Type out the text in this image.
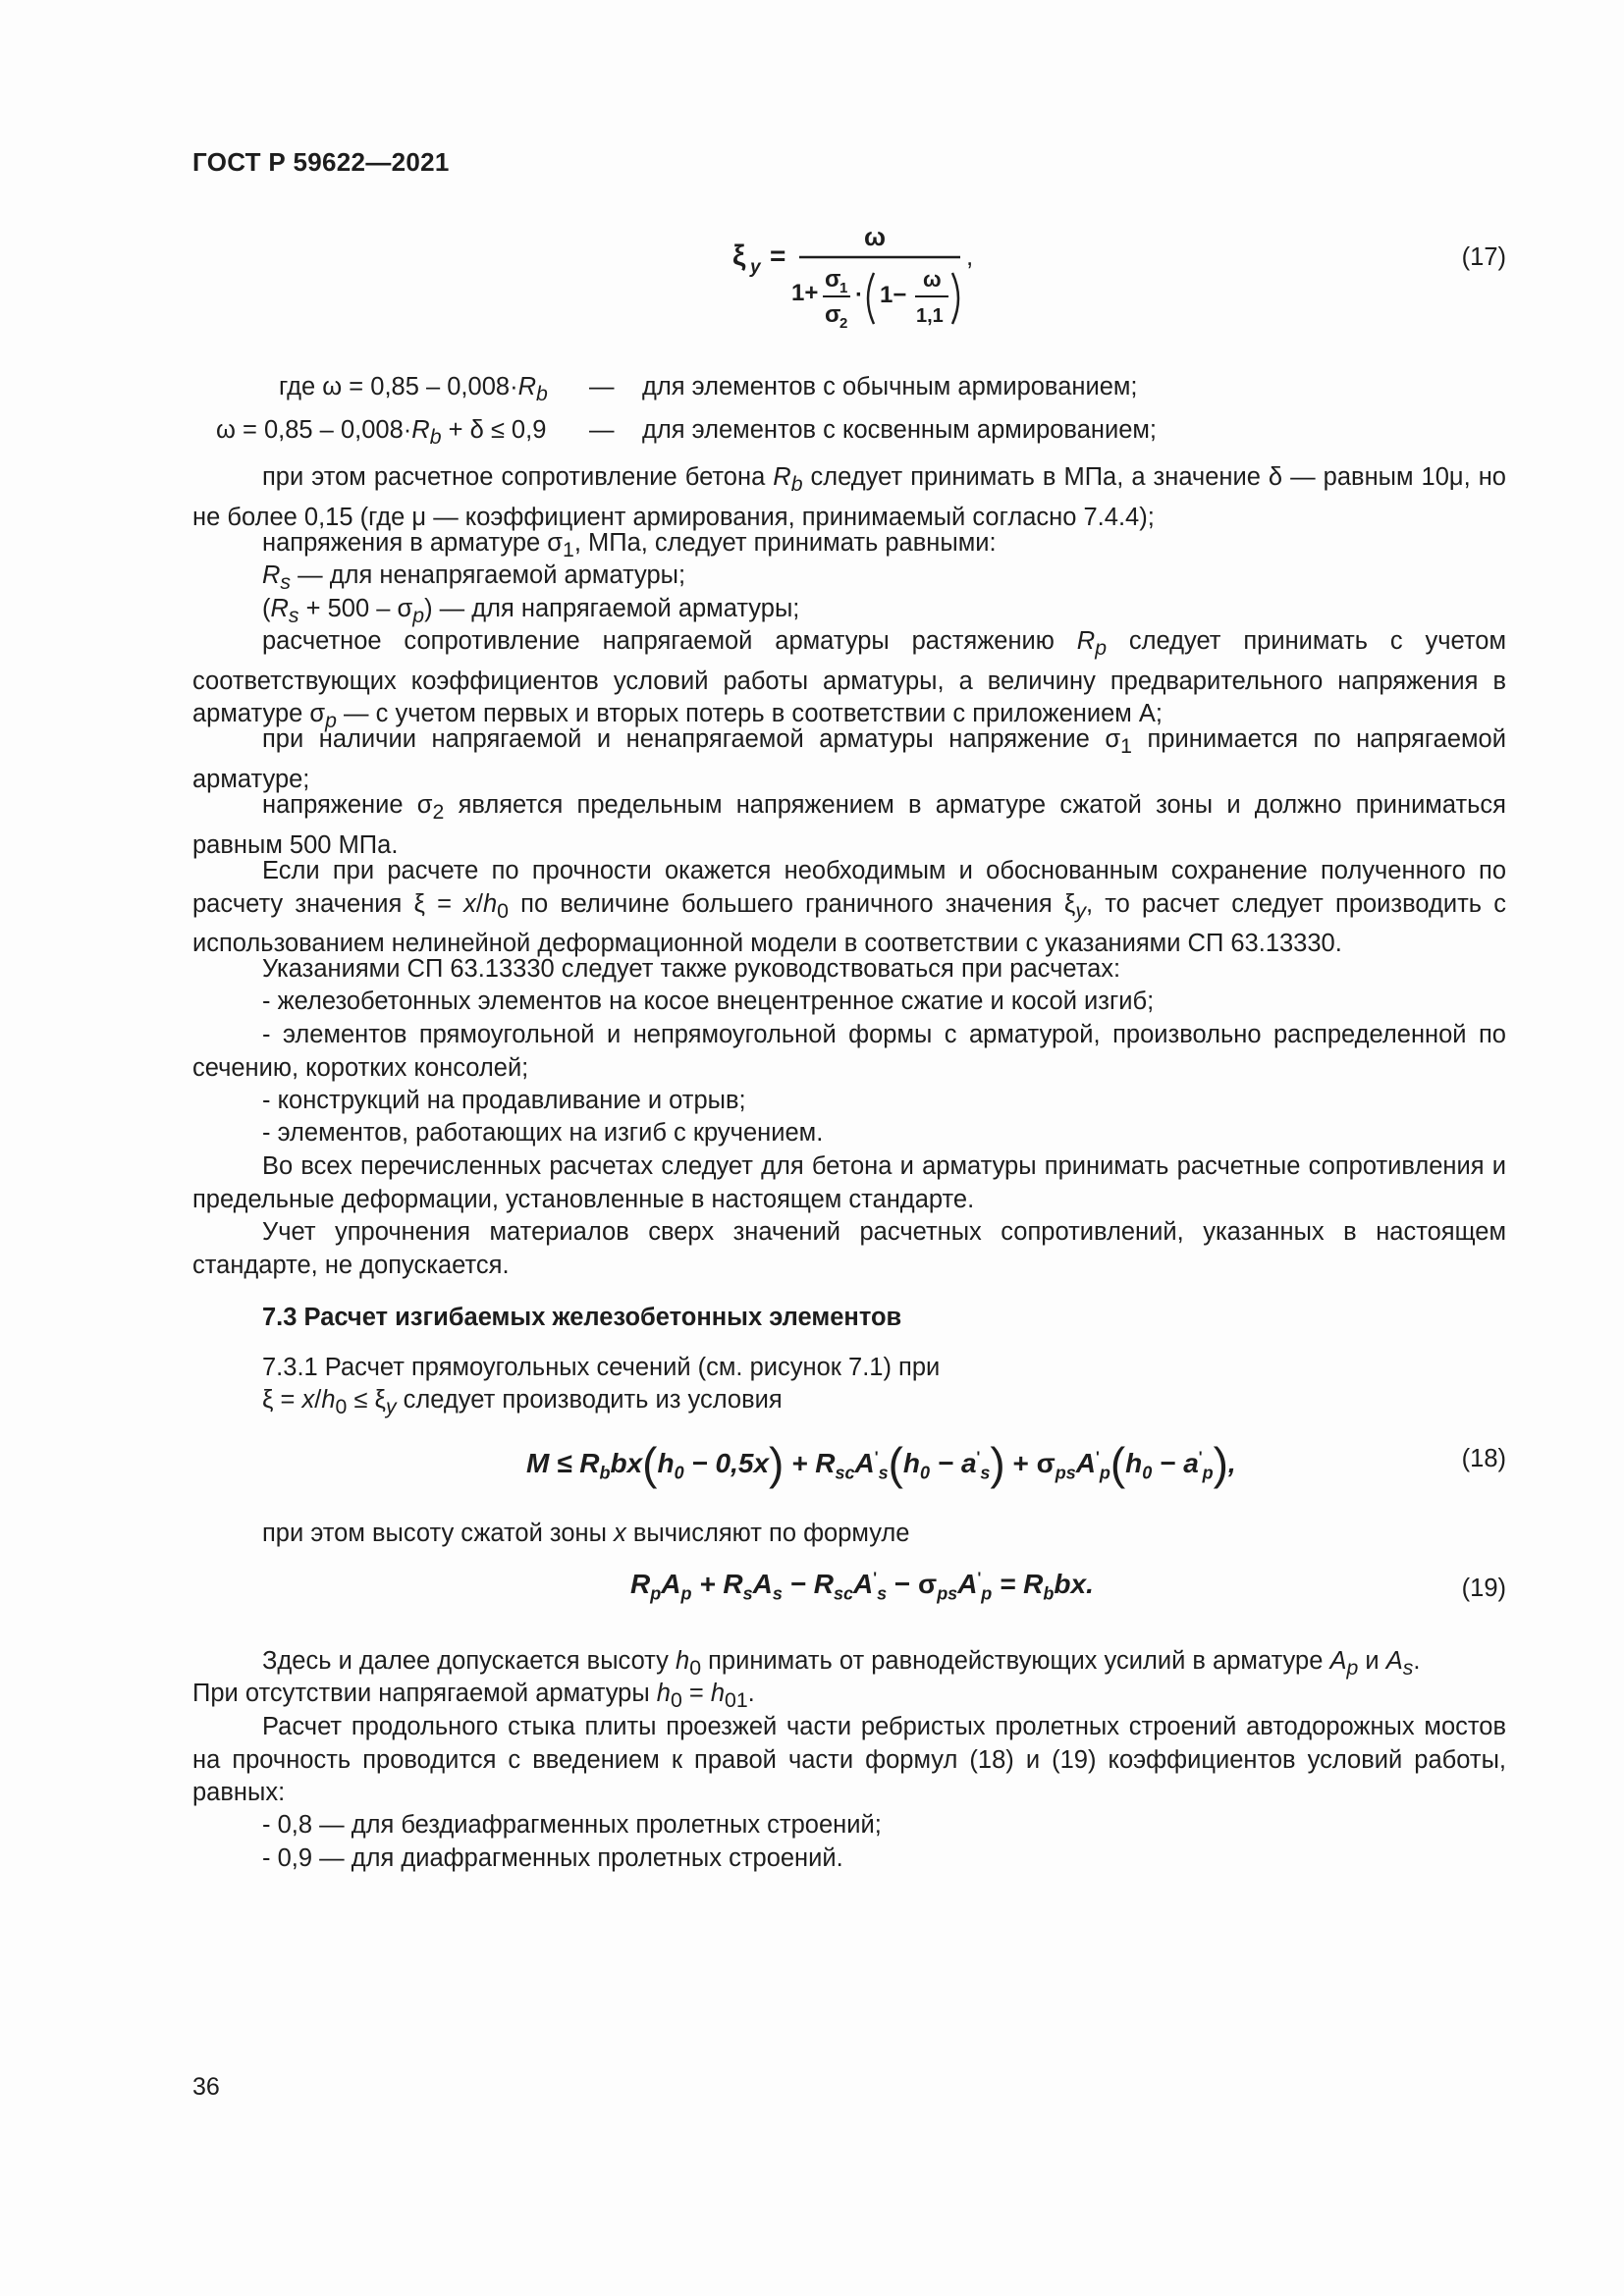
ГОСТ Р 59622—2021
ξ y =
ω
1+
σ
1
σ
2
· 1−
ω
1,1
,	(17)
где $\omega = 0,85 - 0,008\cdot R_b$ — для элементов с обычным армированием;
$\omega = 0,85 - 0,008\cdot R_b + \delta \le 0,9$ — для элементов с косвенным армированием;
при этом расчетное сопротивление бетона $R_b$ следует принимать в МПа, а значение δ — равным 10μ, но не более 0,15 (где μ — коэффициент армирования, принимаемый согласно 7.4.4);
напряжения в арматуре $\sigma_1$, МПа, следует принимать равными:
$R_s$ — для ненапрягаемой арматуры;
$(R_s + 500 - \sigma_p)$ — для напрягаемой арматуры;
расчетное сопротивление напрягаемой арматуры растяжению $R_p$ следует принимать с учетом соответствующих коэффициентов условий работы арматуры, а величину предварительного напряжения в арматуре $\sigma_p$ — с учетом первых и вторых потерь в соответствии с приложением А;
при наличии напрягаемой и ненапрягаемой арматуры напряжение $\sigma_1$ принимается по напрягаемой арматуре;
напряжение $\sigma_2$ является предельным напряжением в арматуре сжатой зоны и должно приниматься равным 500 МПа.
Если при расчете по прочности окажется необходимым и обоснованным сохранение полученного по расчету значения $\xi = x/h_0$ по величине большего граничного значения $\xi_y$, то расчет следует производить с использованием нелинейной деформационной модели в соответствии с указаниями СП 63.13330.
Указаниями СП 63.13330 следует также руководствоваться при расчетах:
- железобетонных элементов на косое внецентренное сжатие и косой изгиб;
- элементов прямоугольной и непрямоугольной формы с арматурой, произвольно распределенной по сечению, коротких консолей;
- конструкций на продавливание и отрыв;
- элементов, работающих на изгиб с кручением.
Во всех перечисленных расчетах следует для бетона и арматуры принимать расчетные сопротивления и предельные деформации, установленные в настоящем стандарте.
Учет упрочнения материалов сверх значений расчетных сопротивлений, указанных в настоящем стандарте, не допускается.
7.3 Расчет изгибаемых железобетонных элементов
7.3.1 Расчет прямоугольных сечений (см. рисунок 7.1) при
$\xi = x/h_0 \le \xi_y$ следует производить из условия
$M \le R_bbx(h_0 - 0,5x) + R_{sc}A'_s(h_0 - a'_s) + \sigma_{ps}A'_p(h_0 - a'_p)$,	(18)
при этом высоту сжатой зоны x вычисляют по формуле
$R_pA_p + R_sA_s - R_{sc}A'_s - \sigma_{ps}A'_p = R_bbx$.	(19)
Здесь и далее допускается высоту $h_0$ принимать от равнодействующих усилий в арматуре $A_p$ и $A_s$.
При отсутствии напрягаемой арматуры $h_0 = h_{01}$.
Расчет продольного стыка плиты проезжей части ребристых пролетных строений автодорожных мостов на прочность проводится с введением к правой части формул (18) и (19) коэффициентов условий работы, равных:
- 0,8 — для бездиафрагменных пролетных строений;
- 0,9 — для диафрагменных пролетных строений.
36
